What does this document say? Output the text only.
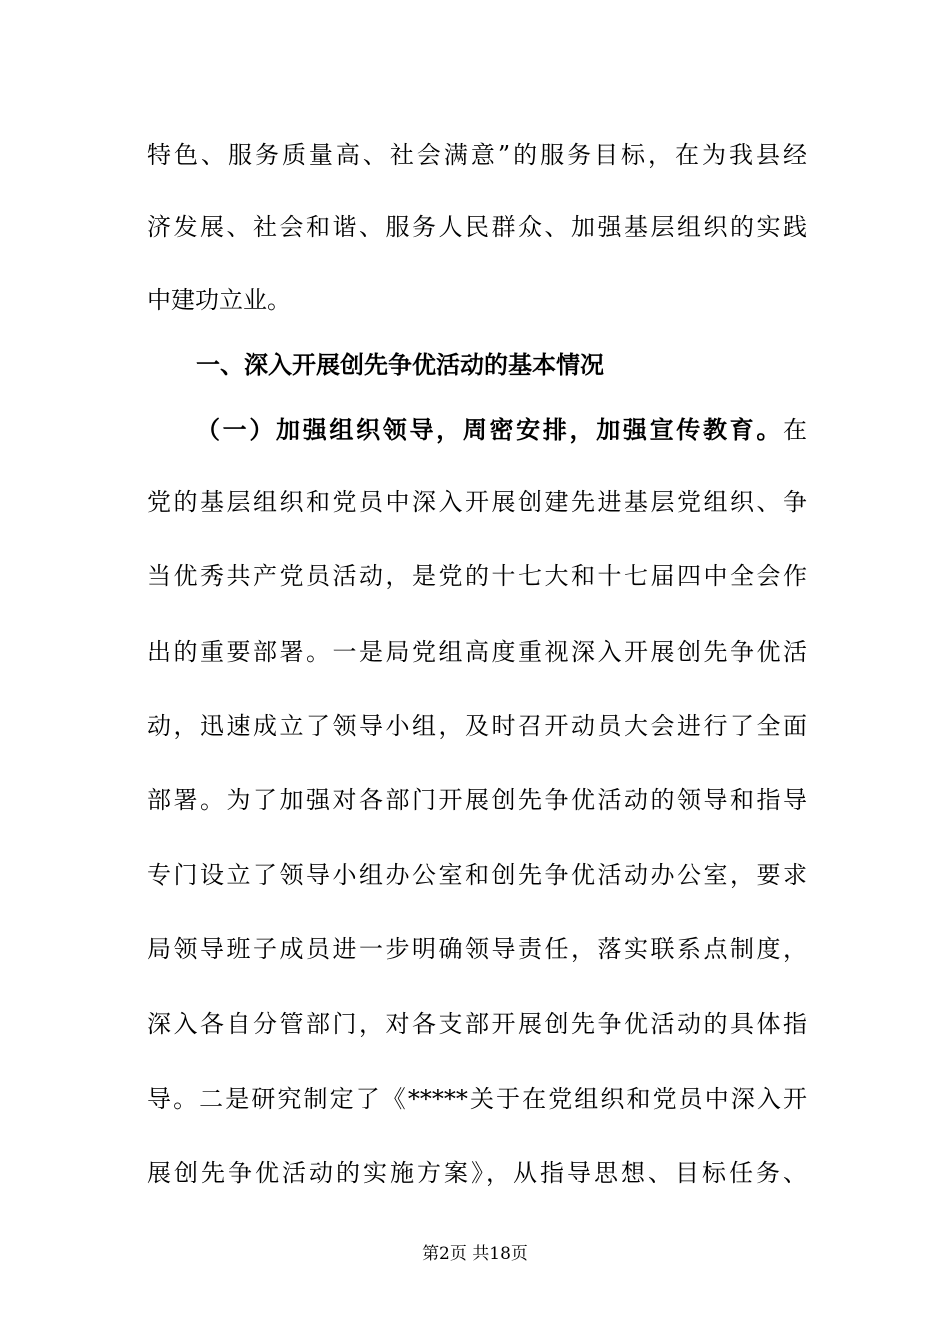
特色、服务质量高、社会满意”的服务目标，在为我县经
济发展、社会和谐、服务人民群众、加强基层组织的实践
中建功立业。
一、深入开展创先争优活动的基本情况
（一）加强组织领导，周密安排，加强宣传教育。在
党的基层组织和党员中深入开展创建先进基层党组织、争
当优秀共产党员活动，是党的十七大和十七届四中全会作
出的重要部署。一是局党组高度重视深入开展创先争优活
动，迅速成立了领导小组，及时召开动员大会进行了全面
部署。为了加强对各部门开展创先争优活动的领导和指导
专门设立了领导小组办公室和创先争优活动办公室，要求
局领导班子成员进一步明确领导责任，落实联系点制度，
深入各自分管部门，对各支部开展创先争优活动的具体指
导。二是研究制定了《*****关于在党组织和党员中深入开
展创先争优活动的实施方案》，从指导思想、目标任务、
第2页 共18页
